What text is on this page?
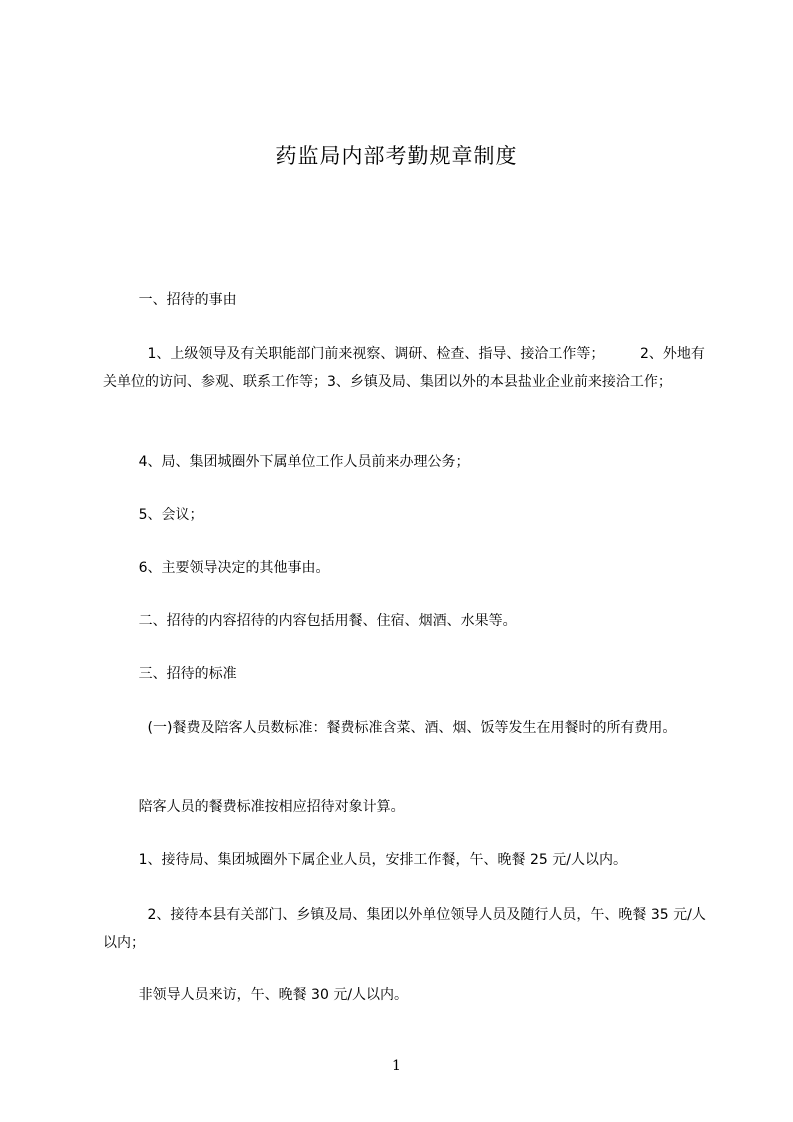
药监局内部考勤规章制度
一、招待的事由
1、上级领导及有关职能部门前来视察、调研、检查、指导、接洽工作等；        2、外地有关单位的访问、参观、联系工作等；3、乡镇及局、集团以外的本县盐业企业前来接洽工作；
4、局、集团城圈外下属单位工作人员前来办理公务；
5、会议；
6、主要领导决定的其他事由。
二、招待的内容招待的内容包括用餐、住宿、烟酒、水果等。
三、招待的标准
(一)餐费及陪客人员数标准：餐费标准含菜、酒、烟、饭等发生在用餐时的所有费用。
陪客人员的餐费标准按相应招待对象计算。
1、接待局、集团城圈外下属企业人员，安排工作餐，午、晚餐 25 元/人以内。
2、接待本县有关部门、乡镇及局、集团以外单位领导人员及随行人员，午、晚餐 35 元/人以内；
非领导人员来访，午、晚餐 30 元/人以内。
1
